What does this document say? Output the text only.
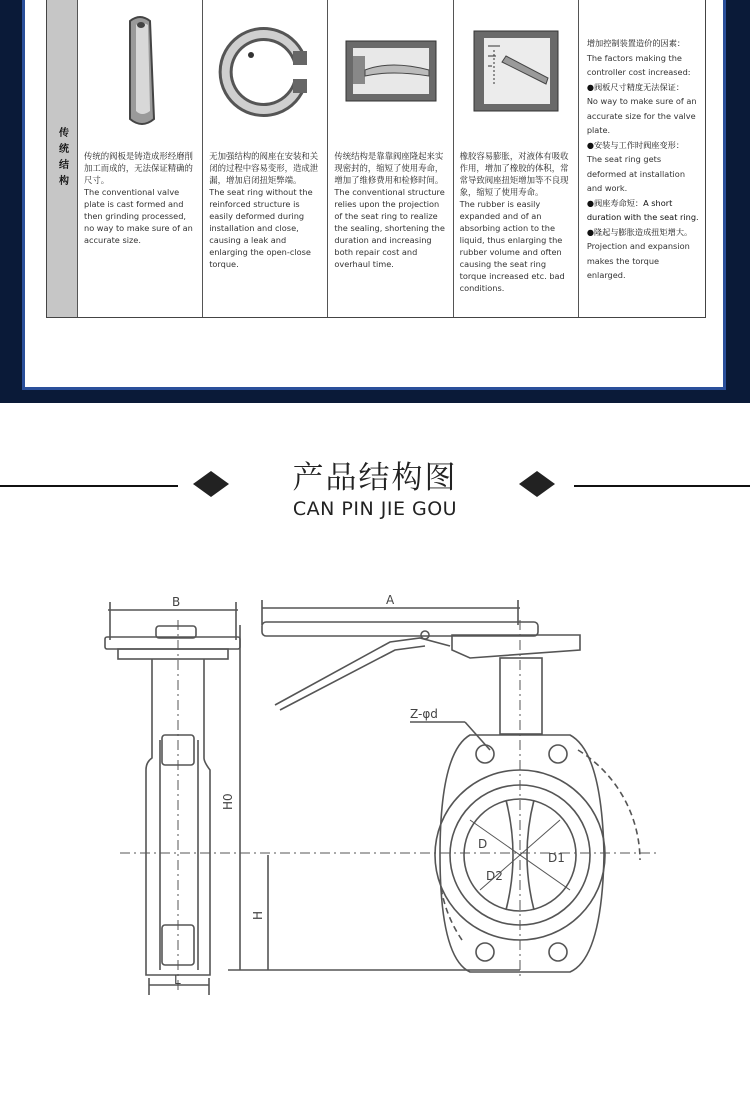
传统结构 传统的阀板是铸造成形经磨削加工而成的，无法保证精确的尺寸。
The conventional valve plate is cast formed and then grinding processed, no way to make sure of an accurate size.
无加强结构的阀座在安装和关闭的过程中容易变形，造成泄漏，增加启闭扭矩弊端。
The seat ring without the reinforced structure is easily deformed during installation and close, causing a leak and enlarging the open-close torque.
传统结构是靠靠阀座隆起来实现密封的，缩短了使用寿命，增加了维修费用和检修时间。
The conventional structure relies upon the projection of the seat ring to realize the sealing, shortening the duration and increasing both repair cost and overhaul time.
橡胶容易膨胀，对液体有吸收作用，增加了橡胶的体积，常常导致阀座扭矩增加等不良现象，缩短了使用寿命。
The rubber is easily expanded and of an absorbing action to the liquid, thus enlarging the rubber volume and often causing the seat ring torque increased etc. bad conditions.

增加控制装置造价的因素：

The factors making the controller cost increased:

●阀板尺寸精度无法保证：

No way to make sure of an accurate size for the valve plate.

●安装与工作时阀座变形：

The seat ring gets deformed at installation and work.

●阀座寿命短：A short duration with the seat ring.

●隆起与膨胀造成扭矩增大。

Projection and expansion makes the torque enlarged.

产品结构图
CAN PIN JIE GOU
B	A
H0
H
L
Z-φd
D
D1
D2
